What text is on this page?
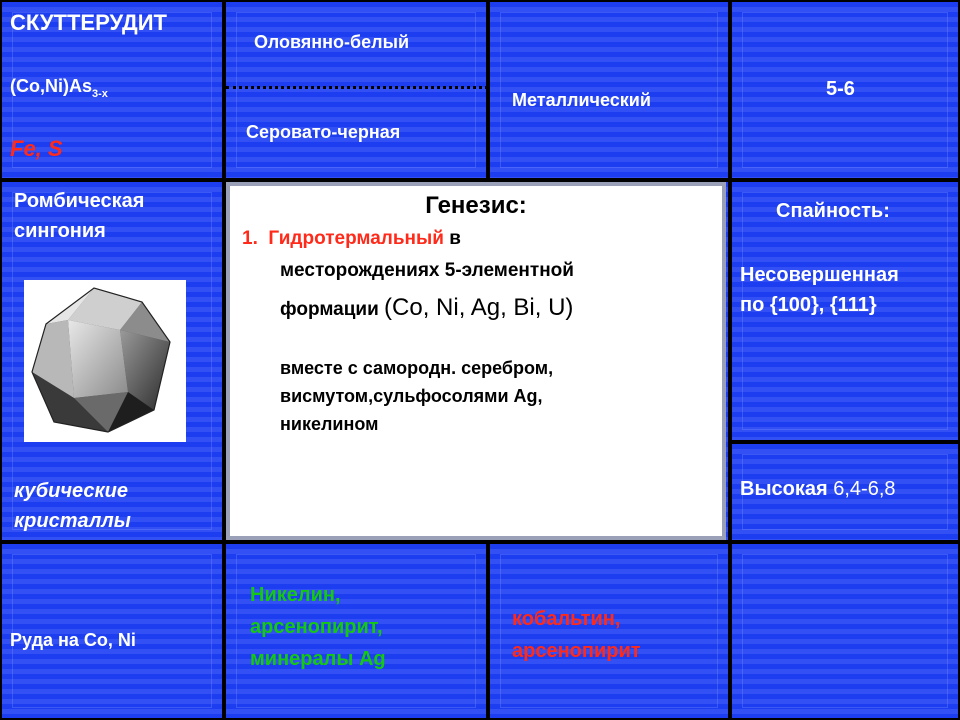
СКУТТЕРУДИТ
$(Co,Ni)As_{3-x}$
Fe, S
Оловянно-белый
Серовато-черная
Металлический	5-6
Ромбическая
сингония
кубические
кристаллы
Генезис:
1. Гидротермальный в
месторождениях 5-элементной
формации (Co, Ni, Ag, Bi, U)
вместе с самородн. серебром,
висмутом,сульфосолями Ag,
никелином
Спайность:
Несовершенная
по {100}, {111}
Высокая 6,4-6,8
Руда на Co, Ni
Никелин,
арсенопирит,
минералы Ag
кобальтин,
арсенопирит
